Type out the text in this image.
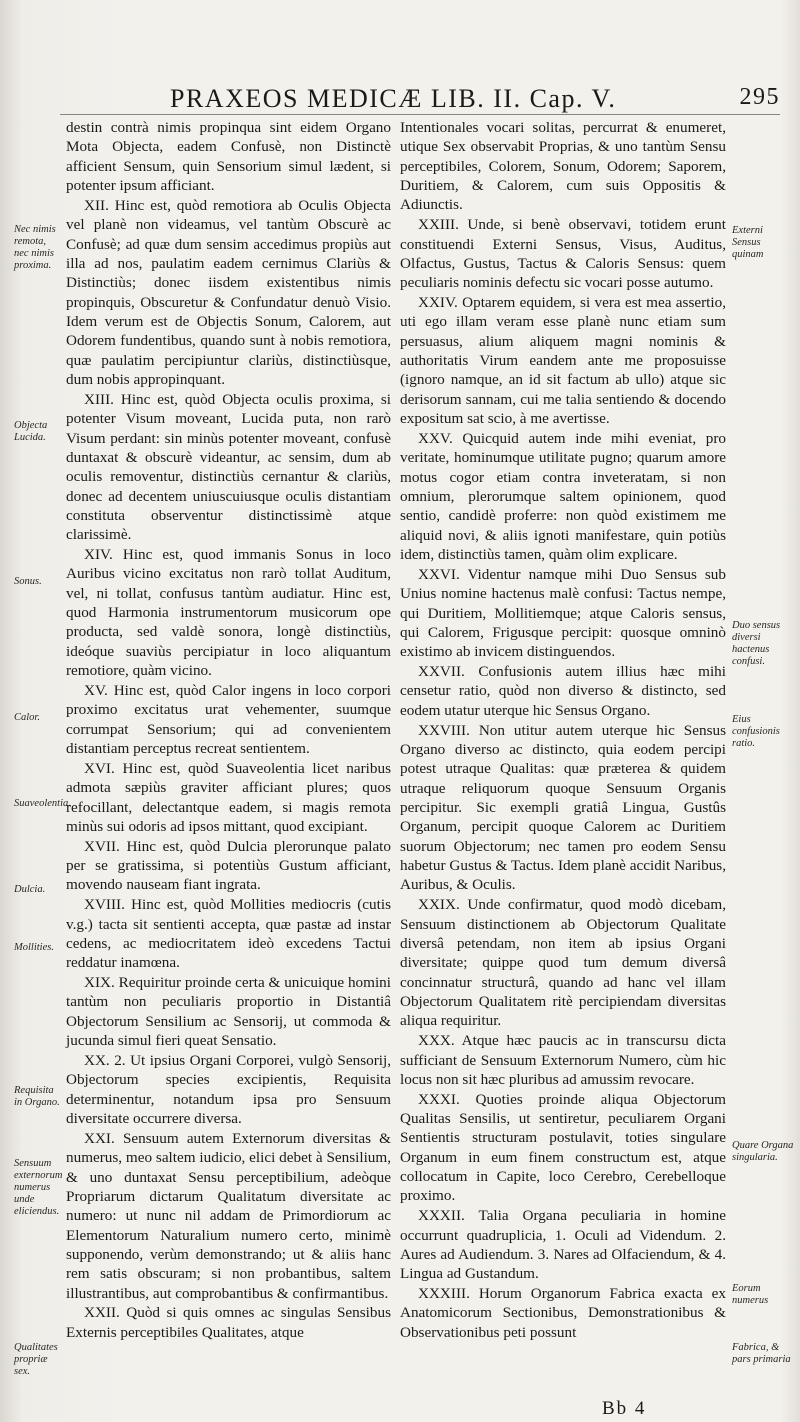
PRAXEOS MEDICÆ LIB. II. Cap. V.	295

destin contrà nimis propinqua sint eidem Organo Mota Objecta, eadem Confusè, non Distinctè afficient Sensum, quin Sensorium simul lædent, si potenter ipsum afficiant.

XII. Hinc est, quòd remotiora ab Oculis Objecta vel planè non videamus, vel tantùm Obscurè ac Confusè; ad quæ dum sensim accedimus propiùs aut illa ad nos, paulatim eadem cernimus Clariùs & Distinctiùs; donec iisdem existentibus nimis propinquis, Obscuretur & Confundatur denuò Visio. Idem verum est de Objectis Sonum, Calorem, aut Odorem fundentibus, quando sunt à nobis remotiora, quæ paulatim percipiuntur clariùs, distinctiùsque, dum nobis appropinquant.

XIII. Hinc est, quòd Objecta oculis proxima, si potenter Visum moveant, Lucida puta, non rarò Visum perdant: sin minùs potenter moveant, confusè duntaxat & obscurè videantur, ac sensim, dum ab oculis removentur, distinctiùs cernantur & clariùs, donec ad decentem uniuscuiusque oculis distantiam constituta observentur distinctissimè atque clarissimè.

XIV. Hinc est, quod immanis Sonus in loco Auribus vicino excitatus non rarò tollat Auditum, vel, ni tollat, confusus tantùm audiatur. Hinc est, quod Harmonia instrumentorum musicorum ope producta, sed valdè sonora, longè distinctiùs, ideóque suaviùs percipiatur in loco aliquantum remotiore, quàm vicino.

XV. Hinc est, quòd Calor ingens in loco corpori proximo excitatus urat vehementer, suumque corrumpat Sensorium; qui ad convenientem distantiam perceptus recreat sentientem.

XVI. Hinc est, quòd Suaveolentia licet naribus admota sæpiùs graviter afficiant plures; quos refocillant, delectantque eadem, si magis remota minùs sui odoris ad ipsos mittant, quod excipiant.

XVII. Hinc est, quòd Dulcia plerorunque palato per se gratissima, si potentiùs Gustum afficiant, movendo nauseam fiant ingrata.

XVIII. Hinc est, quòd Mollities mediocris (cutis v.g.) tacta sit sentienti accepta, quæ pastæ ad instar cedens, ac mediocritatem ideò excedens Tactui reddatur inamœna.

XIX. Requiritur proinde certa & unicuique homini tantùm non peculiaris proportio in Distantiâ Objectorum Sensilium ac Sensorij, ut commoda & jucunda simul fieri queat Sensatio.

XX. 2. Ut ipsius Organi Corporei, vulgò Sensorij, Objectorum species excipientis, Requisita determinentur, notandum ipsa pro Sensuum diversitate occurrere diversa.

XXI. Sensuum autem Externorum diversitas & numerus, meo saltem iudicio, elici debet à Sensilium, & uno duntaxat Sensu perceptibilium, adeòque Propriarum dictarum Qualitatum diversitate ac numero: ut nunc nil addam de Primordiorum ac Elementorum Naturalium numero certo, minimè supponendo, verùm demonstrando; ut & aliis hanc rem satis obscuram; si non probantibus, saltem illustrantibus, aut comprobantibus & confirmantibus.

XXII. Quòd si quis omnes ac singulas Sensibus Externis perceptibiles Qualitates, atque

Intentionales vocari solitas, percurrat & enumeret, utique Sex observabit Proprias, & uno tantùm Sensu perceptibiles, Colorem, Sonum, Odorem; Saporem, Duritiem, & Calorem, cum suis Oppositis & Adiunctis.

XXIII. Unde, si benè observavi, totidem erunt constituendi Externi Sensus, Visus, Auditus, Olfactus, Gustus, Tactus & Caloris Sensus: quem peculiaris nominis defectu sic vocari posse autumo.

XXIV. Optarem equidem, si vera est mea assertio, uti ego illam veram esse planè nunc etiam sum persuasus, alium aliquem magni nominis & authoritatis Virum eandem ante me proposuisse (ignoro namque, an id sit factum ab ullo) atque sic derisorum sannam, cui me talia sentiendo & docendo expositum sat scio, à me avertisse.

XXV. Quicquid autem inde mihi eveniat, pro veritate, hominumque utilitate pugno; quarum amore motus cogor etiam contra inveteratam, si non omnium, plerorumque saltem opinionem, quod sentio, candidè proferre: non quòd existimem me aliquid novi, & aliis ignoti manifestare, quin potiùs idem, distinctiùs tamen, quàm olim explicare.

XXVI. Videntur namque mihi Duo Sensus sub Unius nomine hactenus malè confusi: Tactus nempe, qui Duritiem, Mollitiemque; atque Caloris sensus, qui Calorem, Frigusque percipit: quosque omninò existimo ab invicem distinguendos.

XXVII. Confusionis autem illius hæc mihi censetur ratio, quòd non diverso & distincto, sed eodem utatur uterque hic Sensus Organo.

XXVIII. Non utitur autem uterque hic Sensus Organo diverso ac distincto, quia eodem percipi potest utraque Qualitas: quæ præterea & quidem utraque reliquorum quoque Sensuum Organis percipitur. Sic exempli gratiâ Lingua, Gustûs Organum, percipit quoque Calorem ac Duritiem suorum Objectorum; nec tamen pro eodem Sensu habetur Gustus & Tactus. Idem planè accidit Naribus, Auribus, & Oculis.

XXIX. Unde confirmatur, quod modò dicebam, Sensuum distinctionem ab Objectorum Qualitate diversâ petendam, non item ab ipsius Organi diversitate; quippe quod tum demum diversâ concinnatur structurâ, quando ad hanc vel illam Objectorum Qualitatem ritè percipiendam diversitas aliqua requiritur.

XXX. Atque hæc paucis ac in transcursu dicta sufficiant de Sensuum Externorum Numero, cùm hic locus non sit hæc pluribus ad amussim revocare.

XXXI. Quoties proinde aliqua Objectorum Qualitas Sensilis, ut sentiretur, peculiarem Organi Sentientis structuram postulavit, toties singulare Organum in eum finem constructum est, atque collocatum in Capite, loco Cerebro, Cerebelloque proximo.

XXXII. Talia Organa peculiaria in homine occurrunt quadruplicia, 1. Oculi ad Videndum. 2. Aures ad Audiendum. 3. Nares ad Olfaciendum, & 4. Lingua ad Gustandum.

XXXIII. Horum Organorum Fabrica exacta ex Anatomicorum Sectionibus, Demonstrationibus & Observationibus peti possunt

Nec nimis remota, nec nimis proxima.
Objecta Lucida.
Sonus.
Calor.
Suaveolentia.
Dulcia.
Mollities.
Requisita in Organo.
Sensuum externorum numerus unde eliciendus.
Qualitates propriæ sex.
Externi Sensus quinam
Duo sensus diversi hactenus confusi.
Eius confusionis ratio.
Quare Organa singularia.
Eorum numerus
Fabrica, & pars primaria
Bb 4
